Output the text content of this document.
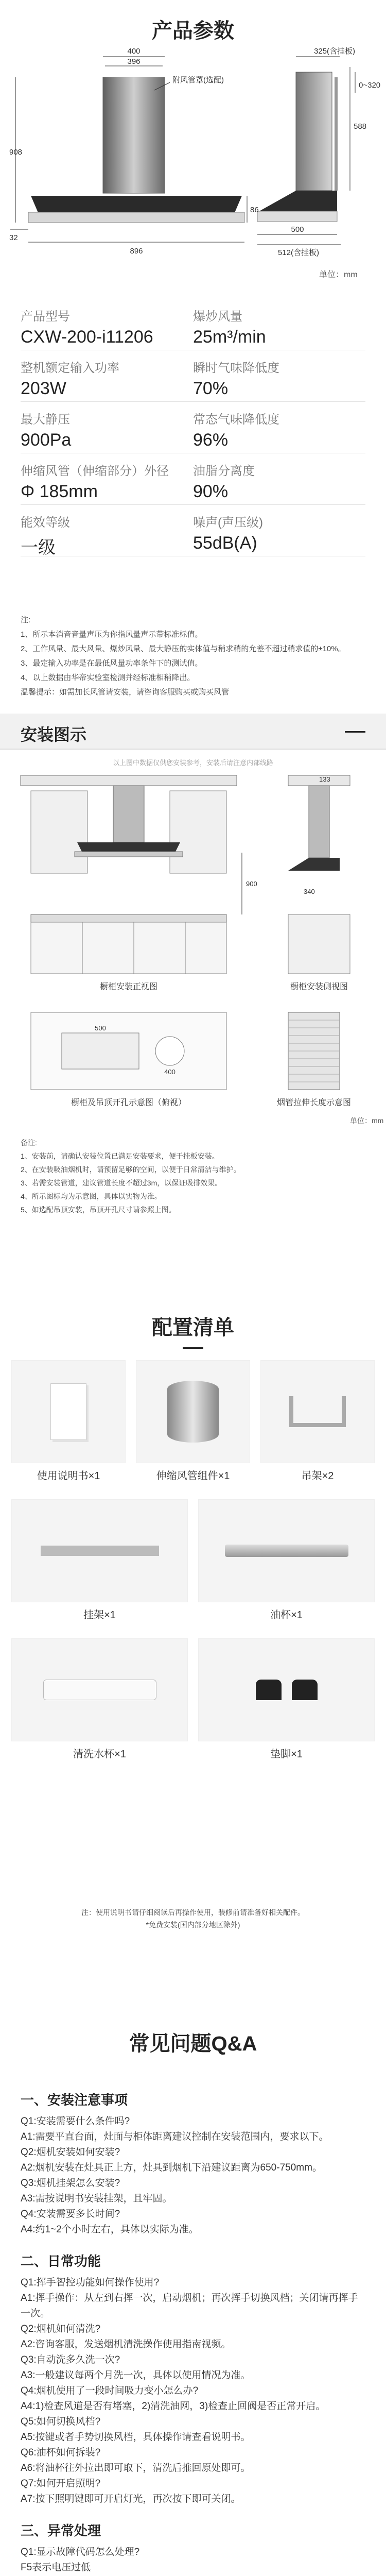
产品参数
400
396
附风管罩(选配)
908
86
32
896
325(含挂板)
0~320
588
500
512(含挂板)
单位：mm
产品型号
CXW-200-i11206
爆炒风量
25m³/min
整机额定输入功率
203W
瞬时气味降低度
70%
最大静压
900Pa
常态气味降低度
96%
伸缩风管（伸缩部分）外径
Φ 185mm
油脂分离度
90%
能效等级
一级
噪声(声压级)
55dB(A)
注:
1、所示本消音音量声压为你指风量声示带标准标值。
2、工作风量、最大风量、爆炒风量、最大静压的实体值与稍求稍的允差不超过稍求值的±10%。
3、最定输入功率是在最低风量功率条件下的测试值。
4、以上数据由华帝实验室检测并经标准相稍降出。
温馨提示：如需加长风管请安装，请咨询客服购买或购买风管
安装图示
以上图中数据仅供您安装参考，安装后请注意内部线路
900
340
133
橱柜安装正视图	橱柜安装侧视图
500
400
橱柜及吊顶开孔示意图（俯视）	烟管拉伸长度示意图
单位：mm
备注:
1、安装前，请确认安装位置已满足安装要求，便于挂板安装。
2、在安装吸油烟机时，请预留足够的空间，以便于日常清洁与维护。
3、若需安装管道，建议管道长度不超过3m，以保证吸排效果。
4、所示图标均为示意图，具体以实物为准。
5、如选配吊顶安装，吊顶开孔尺寸请参照上图。
配置清单
使用说明书×1	伸缩风管组件×1	吊架×2
挂架×1	油杯×1
清洗水杯×1	垫脚×1
注：使用说明书请仔细阅读后再操作使用，装修前请准备好相关配件。
*免费安装(国内部分地区除外)
常见问题Q&A
一、安装注意事项
Q1:安装需要什么条件吗?
A1:需要平直台面，灶面与柜体距离建议控制在安装范围内，要求以下。
Q2:烟机安装如何安装?
A2:烟机安装在灶具正上方，灶具到烟机下沿建议距离为650-750mm。
Q3:烟机挂架怎么安装?
A3:需按说明书安装挂架，且牢固。
Q4:安装需要多长时间?
A4:约1~2个小时左右，具体以实际为准。
二、日常功能
Q1:挥手智控功能如何操作使用?
A1:挥手操作：从左到右挥一次，启动烟机；再次挥手切换风档；关闭请再挥手一次。
Q2:烟机如何清洗?
A2:咨询客服，发送烟机清洗操作使用指南视频。
Q3:自动洗多久洗一次?
A3:一般建议每两个月洗一次，具体以使用情况为准。
Q4:烟机使用了一段时间吸力变小怎么办?
A4:1)检查风道是否有堵塞，2)清洗油网，3)检查止回阀是否正常开启。
Q5:如何切换风档?
A5:按键或者手势切换风档，具体操作请查看说明书。
Q6:油杯如何拆装?
A6:将油杯往外拉出即可取下，清洗后推回原处即可。
Q7:如何开启照明?
A7:按下照明键即可开启灯光，再次按下即可关闭。
三、异常处理
Q1:显示故障代码怎么处理?
F5表示电压过低
